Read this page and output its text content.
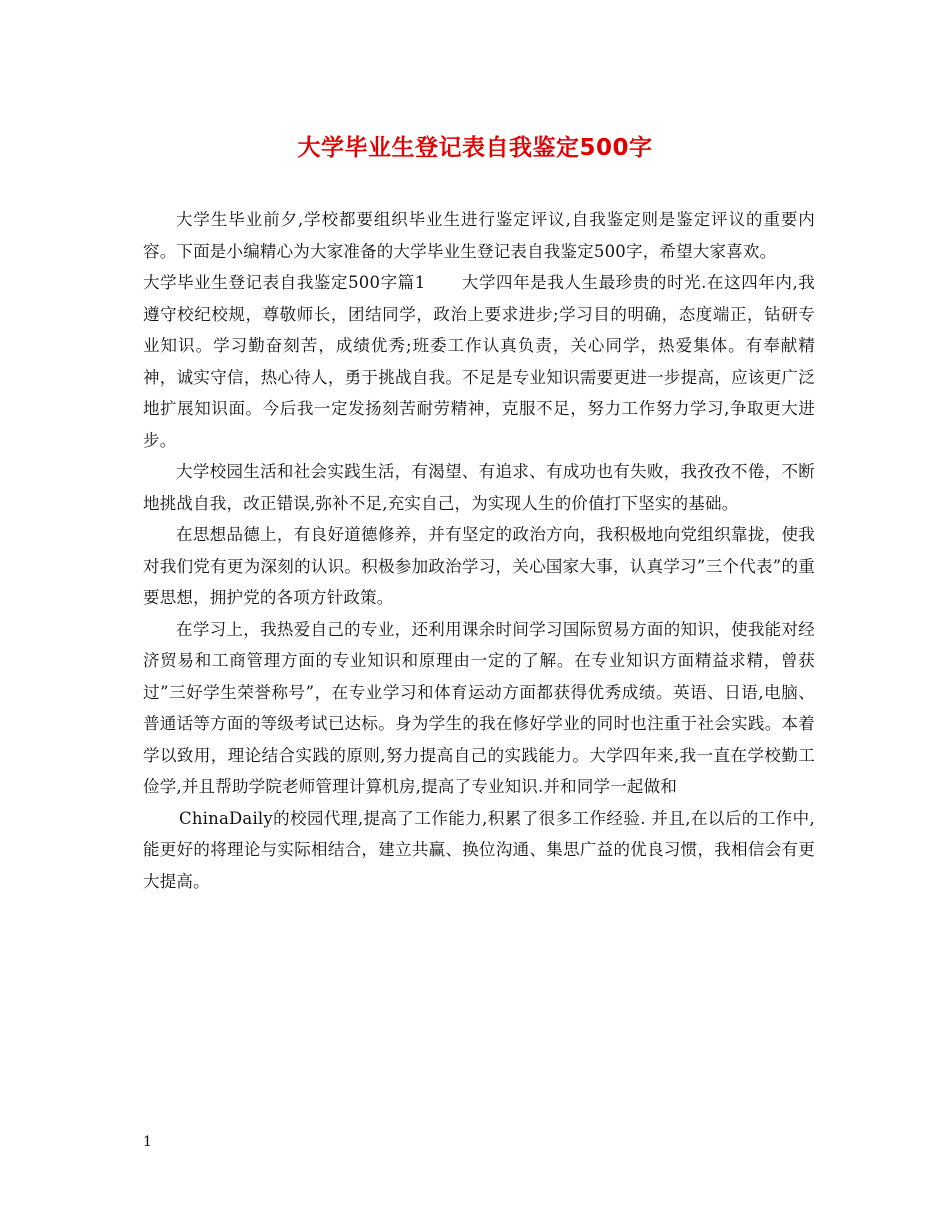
大学毕业生登记表自我鉴定500字

大学生毕业前夕,学校都要组织毕业生进行鉴定评议,自我鉴定则是鉴定评议的重要内容。下面是小编精心为大家准备的大学毕业生登记表自我鉴定500字，希望大家喜欢。

大学毕业生登记表自我鉴定500字篇1 大学四年是我人生最珍贵的时光.在这四年内,我遵守校纪校规，尊敬师长，团结同学，政治上要求进步;学习目的明确，态度端正，钻研专业知识。学习勤奋刻苦，成绩优秀;班委工作认真负责，关心同学，热爱集体。有奉献精神，诚实守信，热心待人，勇于挑战自我。不足是专业知识需要更进一步提高，应该更广泛地扩展知识面。今后我一定发扬刻苦耐劳精神，克服不足，努力工作努力学习,争取更大进步。

大学校园生活和社会实践生活，有渴望、有追求、有成功也有失败，我孜孜不倦，不断地挑战自我，改正错误,弥补不足,充实自己，为实现人生的价值打下坚实的基础。

在思想品德上，有良好道德修养，并有坚定的政治方向，我积极地向党组织靠拢，使我对我们党有更为深刻的认识。积极参加政治学习，关心国家大事，认真学习”三个代表”的重要思想，拥护党的各项方针政策。

在学习上，我热爱自己的专业，还利用课余时间学习国际贸易方面的知识，使我能对经济贸易和工商管理方面的专业知识和原理由一定的了解。在专业知识方面精益求精，曾获过”三好学生荣誉称号”，在专业学习和体育运动方面都获得优秀成绩。英语、日语,电脑、普通话等方面的等级考试已达标。身为学生的我在修好学业的同时也注重于社会实践。本着学以致用，理论结合实践的原则,努力提高自己的实践能力。大学四年来,我一直在学校勤工俭学,并且帮助学院老师管理计算机房,提高了专业知识.并和同学一起做和

ChinaDaily的校园代理,提高了工作能力,积累了很多工作经验. 并且,在以后的工作中,能更好的将理论与实际相结合，建立共赢、换位沟通、集思广益的优良习惯，我相信会有更大提高。

1
